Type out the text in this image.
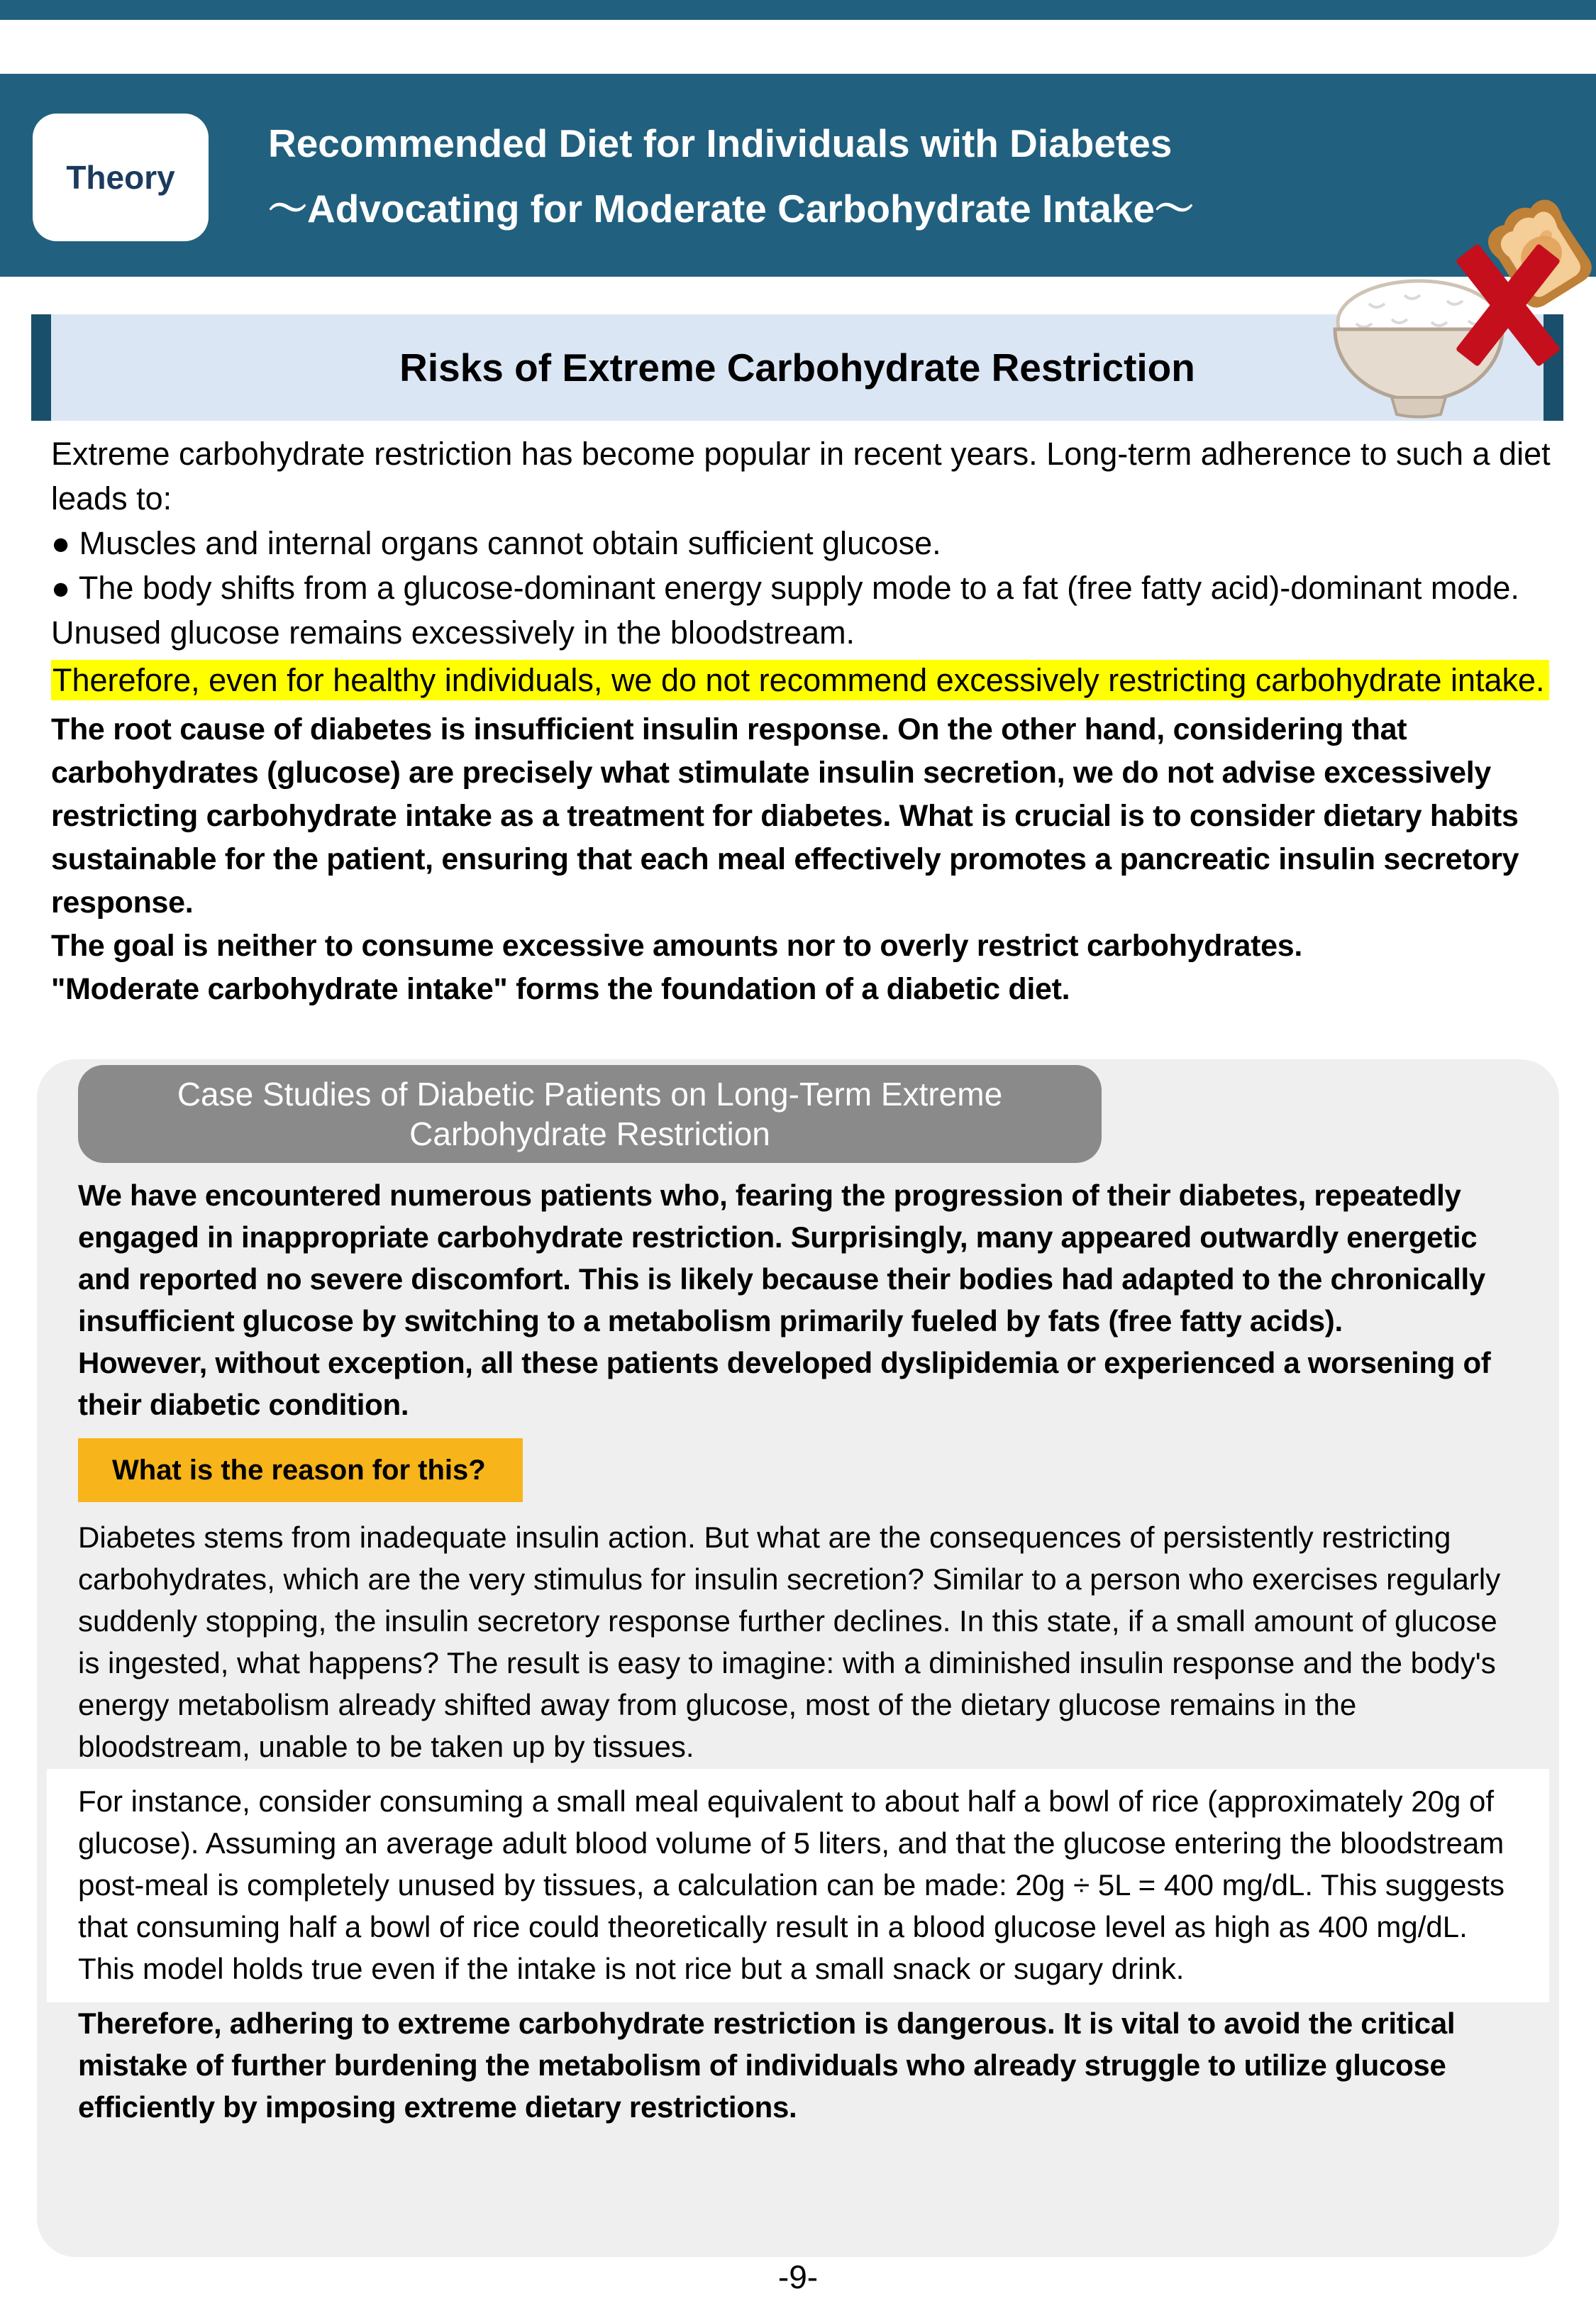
Theory
Recommended Diet for Individuals with Diabetes
～Advocating for Moderate Carbohydrate Intake～
Risks of Extreme Carbohydrate Restriction

Extreme carbohydrate restriction has become popular in recent years. Long-term adherence to such a diet leads to:

● Muscles and internal organs cannot obtain sufficient glucose.

● The body shifts from a glucose-dominant energy supply mode to a fat (free fatty acid)-dominant mode. Unused glucose remains excessively in the bloodstream.

Therefore, even for healthy individuals, we do not recommend excessively restricting carbohydrate intake.

The root cause of diabetes is insufficient insulin response. On the other hand, considering that carbohydrates (glucose) are precisely what stimulate insulin secretion, we do not advise excessively restricting carbohydrate intake as a treatment for diabetes. What is crucial is to consider dietary habits sustainable for the patient, ensuring that each meal effectively promotes a pancreatic insulin secretory response.

The goal is neither to consume excessive amounts nor to overly restrict carbohydrates.

"Moderate carbohydrate intake" forms the foundation of a diabetic diet.

Case Studies of Diabetic Patients on Long-Term Extreme Carbohydrate Restriction

We have encountered numerous patients who, fearing the progression of their diabetes, repeatedly engaged in inappropriate carbohydrate restriction. Surprisingly, many appeared outwardly energetic and reported no severe discomfort. This is likely because their bodies had adapted to the chronically insufficient glucose by switching to a metabolism primarily fueled by fats (free fatty acids).

However, without exception, all these patients developed dyslipidemia or experienced a worsening of their diabetic condition.

What is the reason for this?

Diabetes stems from inadequate insulin action. But what are the consequences of persistently restricting carbohydrates, which are the very stimulus for insulin secretion? Similar to a person who exercises regularly suddenly stopping, the insulin secretory response further declines. In this state, if a small amount of glucose is ingested, what happens? The result is easy to imagine: with a diminished insulin response and the body's energy metabolism already shifted away from glucose, most of the dietary glucose remains in the bloodstream, unable to be taken up by tissues.

For instance, consider consuming a small meal equivalent to about half a bowl of rice (approximately 20g of glucose). Assuming an average adult blood volume of 5 liters, and that the glucose entering the bloodstream post-meal is completely unused by tissues, a calculation can be made: 20g ÷ 5L = 400 mg/dL. This suggests that consuming half a bowl of rice could theoretically result in a blood glucose level as high as 400 mg/dL. This model holds true even if the intake is not rice but a small snack or sugary drink.

Therefore, adhering to extreme carbohydrate restriction is dangerous. It is vital to avoid the critical mistake of further burdening the metabolism of individuals who already struggle to utilize glucose efficiently by imposing extreme dietary restrictions.

-9-
